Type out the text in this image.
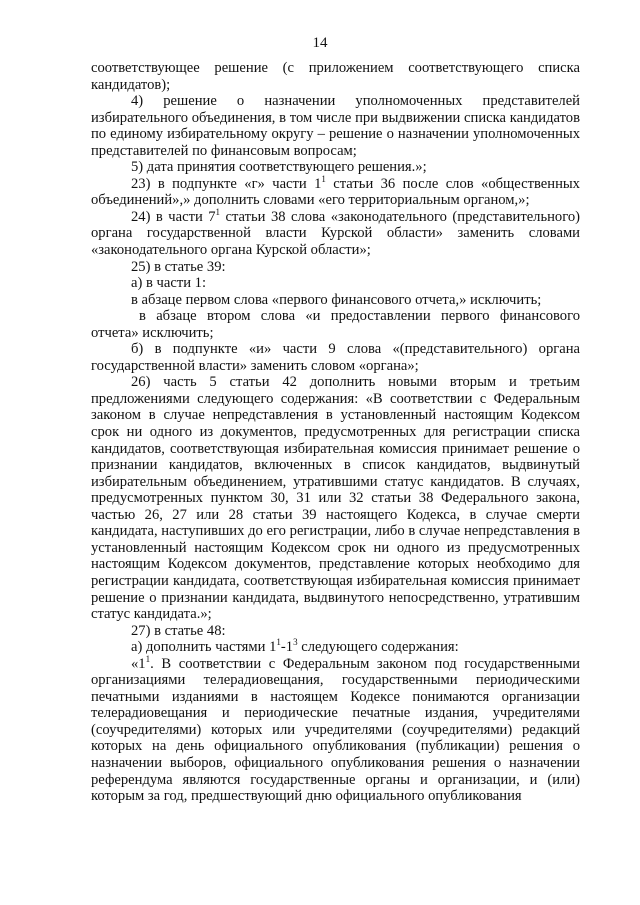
14

соответствующее решение (с приложением соответствующего списка кандидатов);

4) решение о назначении уполномоченных представителей избирательного объединения, в том числе при выдвижении списка кандидатов по единому избирательному округу – решение о назначении уполномоченных представителей по финансовым вопросам;

5) дата принятия соответствующего решения.»;

23) в подпункте «г» части $1^1$ статьи 36 после слов «общественных объединений»,» дополнить словами «его территориальным органом,»;

24) в части $7^1$ статьи 38 слова «законодательного (представительного) органа государственной власти Курской области» заменить словами «законодательного органа Курской области»;

25) в статье 39:

а) в части 1:

в абзаце первом слова «первого финансового отчета,» исключить;

в абзаце втором слова «и предоставлении первого финансового отчета» исключить;

б) в подпункте «и» части 9 слова «(представительного) органа государственной власти» заменить словом «органа»;

26) часть 5 статьи 42 дополнить новыми вторым и третьим предложениями следующего содержания: «В соответствии с Федеральным законом в случае непредставления в установленный настоящим Кодексом срок ни одного из документов, предусмотренных для регистрации списка кандидатов, соответствующая избирательная комиссия принимает решение о признании кандидатов, включенных в список кандидатов, выдвинутый избирательным объединением, утратившими статус кандидатов. В случаях, предусмотренных пунктом 30, 31 или 32 статьи 38 Федерального закона, частью 26, 27 или 28 статьи 39 настоящего Кодекса, в случае смерти кандидата, наступивших до его регистрации, либо в случае непредставления в установленный настоящим Кодексом срок ни одного из предусмотренных настоящим Кодексом документов, представление которых необходимо для регистрации кандидата, соответствующая избирательная комиссия принимает решение о признании кандидата, выдвинутого непосредственно, утратившим статус кандидата.»;

27) в статье 48:

а) дополнить частями $1^1-1^3$ следующего содержания:

«$1^1$. В соответствии с Федеральным законом под государственными организациями телерадиовещания, государственными периодическими печатными изданиями в настоящем Кодексе понимаются организации телерадиовещания и периодические печатные издания, учредителями (соучредителями) которых или учредителями (соучредителями) редакций которых на день официального опубликования (публикации) решения о назначении выборов, официального опубликования решения о назначении референдума являются государственные органы и организации, и (или) которым за год, предшествующий дню официального опубликования
